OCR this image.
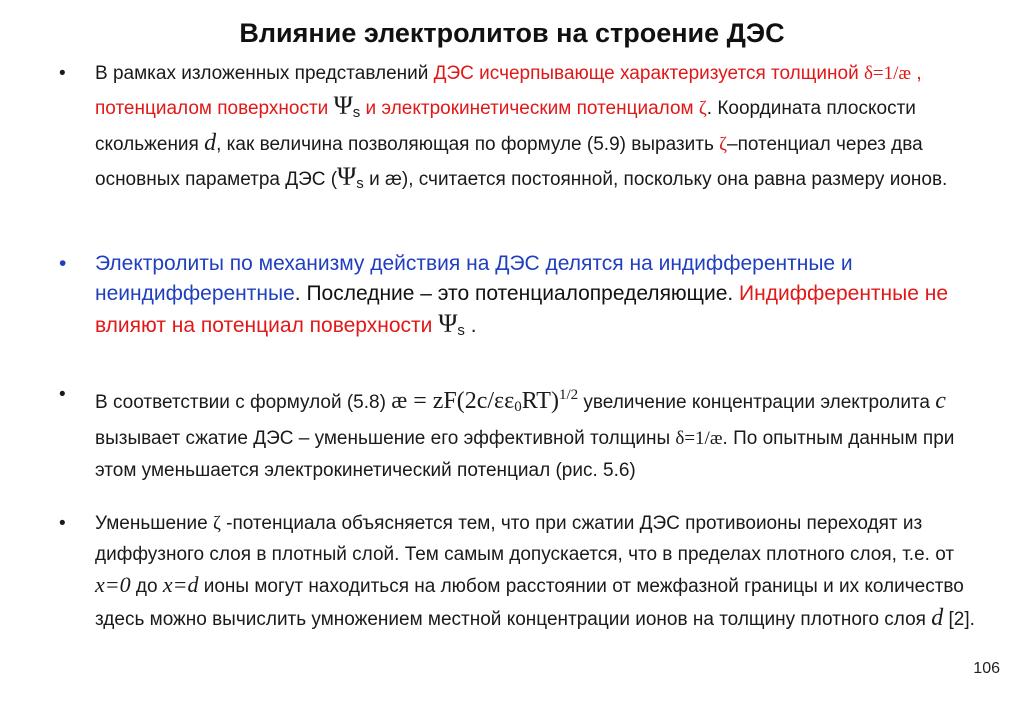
Влияние электролитов на строение ДЭС
• В рамках изложенных представлений ДЭС исчерпывающе характеризуется толщиной δ=1/æ , потенциалом поверхности $\Psi_s$ и электрокинетическим потенциалом ζ. Координата плоскости скольжения d, как величина позволяющая по формуле (5.9) выразить ζ–потенциал через два основных параметра ДЭС ($\Psi_s$ и æ), считается постоянной, поскольку она равна размеру ионов.
• Электролиты по механизму действия на ДЭС делятся на индифферентные и неиндифферентные. Последние – это потенциалопределяющие. Индифферентные не влияют на потенциал поверхности $\Psi_s$ .
• В соответствии с формулой (5.8) æ = $zF(2c/\varepsilon\varepsilon_0RT)^{1/2}$ увеличение концентрации электролита c вызывает сжатие ДЭС – уменьшение его эффективной толщины δ=1/æ. По опытным данным при этом уменьшается электрокинетический потенциал (рис. 5.6)
• Уменьшение ζ -потенциала объясняется тем, что при сжатии ДЭС противоионы переходят из диффузного слоя в плотный слой. Тем самым допускается, что в пределах плотного слоя, т.е. от x=0 до x=d ионы могут находиться на любом расстоянии от межфазной границы и их количество здесь можно вычислить умножением местной концентрации ионов на толщину плотного слоя d [2].
106
